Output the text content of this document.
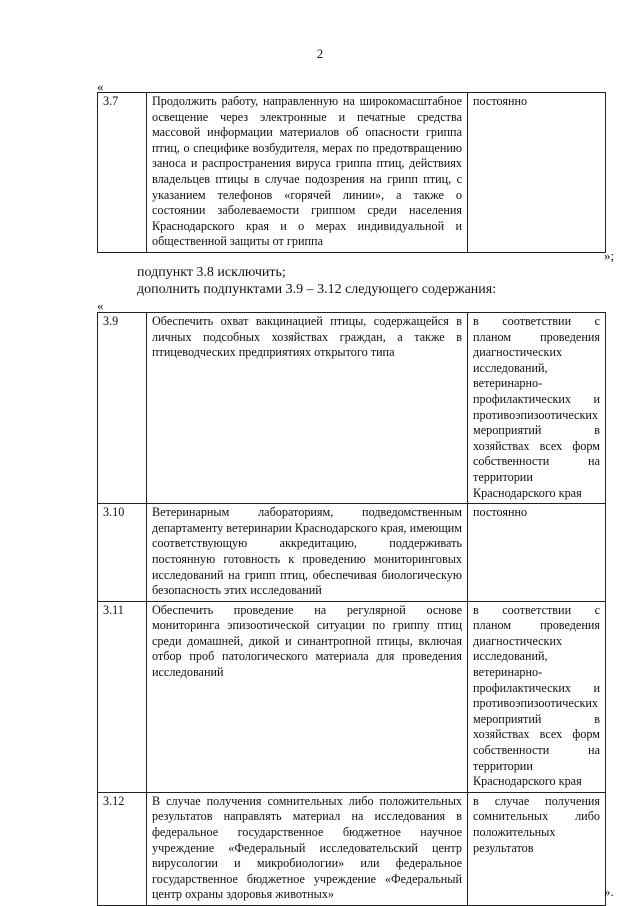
2
«
3.7	Продолжить работу, направленную на широкомасштабное освещение через электронные и печатные средства массовой информации материалов об опасности гриппа птиц, о специфике возбудителя, мерах по предотвращению заноса и распространения вируса гриппа птиц, действиях владельцев птицы в случае подозрения на грипп птиц, с указанием телефонов «горячей линии», а также о состоянии заболеваемости гриппом среди населения Краснодарского края и о мерах индивидуальной и общественной защиты от гриппа	постоянно
»;
подпункт 3.8 исключить;
дополнить подпунктами 3.9 – 3.12 следующего содержания:
«
3.9	Обеспечить охват вакцинацией птицы, содержащейся в личных подсобных хозяйствах граждан, а также в птицеводческих предприятиях открытого типа	в соответствии с планом проведения диагностических исследований, ветеринарно-профилактических и противоэпизоотических мероприятий в хозяйствах всех форм собственности на территории Краснодарского края
3.10	Ветеринарным лабораториям, подведомственным департаменту ветеринарии Краснодарского края, имеющим соответствующую аккредитацию, поддерживать постоянную готовность к проведению мониторинговых исследований на грипп птиц, обеспечивая биологическую безопасность этих исследований	постоянно
3.11	Обеспечить проведение на регулярной основе мониторинга эпизоотической ситуации по гриппу птиц среди домашней, дикой и синантропной птицы, включая отбор проб патологического материала для проведения исследований	в соответствии с планом проведения диагностических исследований, ветеринарно-профилактических и противоэпизоотических мероприятий в хозяйствах всех форм собственности на территории Краснодарского края
3.12	В случае получения сомнительных либо положительных результатов направлять материал на исследования в федеральное государственное бюджетное научное учреждение «Федеральный исследовательский центр вирусологии и микробиологии» или федеральное государственное бюджетное учреждение «Федеральный центр охраны здоровья животных»	в случае получения сомнительных либо положительных результатов
».
